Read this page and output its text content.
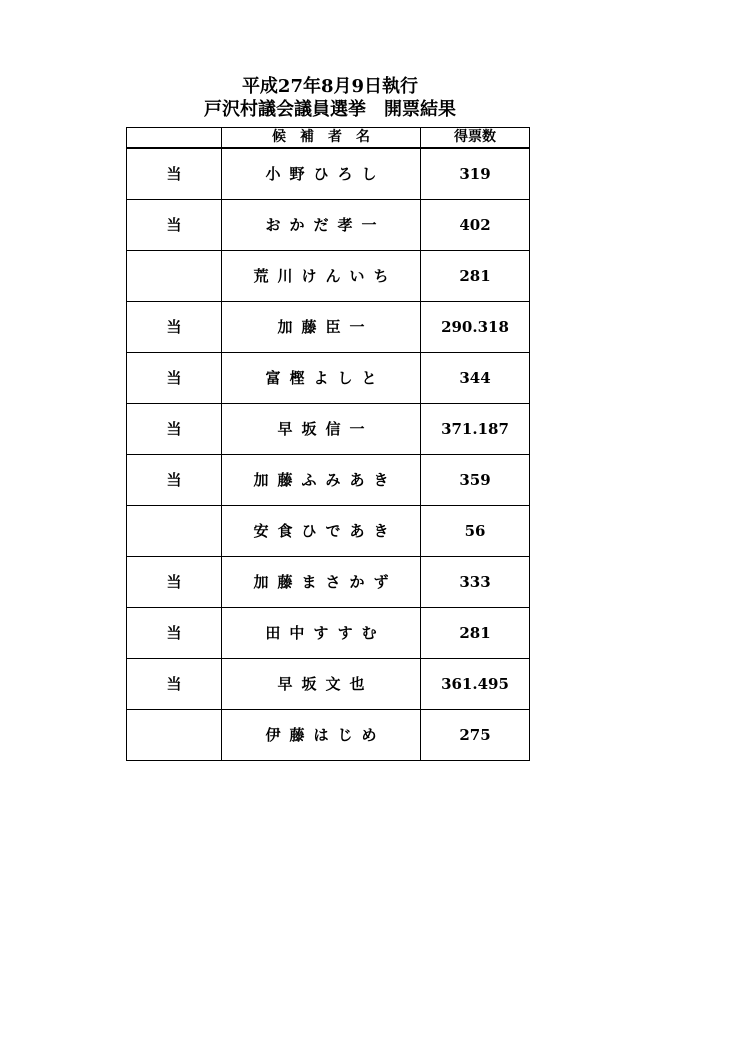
平成27年8月9日執行
戸沢村議会議員選挙　開票結果
	候補者名	得票数
当	小野ひろし	319
当	おかだ孝一	402
	荒川けんいち	281
当	加藤臣一	290.318
当	富樫よしと	344
当	早坂信一	371.187
当	加藤ふみあき	359
	安食ひであき	56
当	加藤まさかず	333
当	田中すすむ	281
当	早坂文也	361.495
	伊藤はじめ	275
